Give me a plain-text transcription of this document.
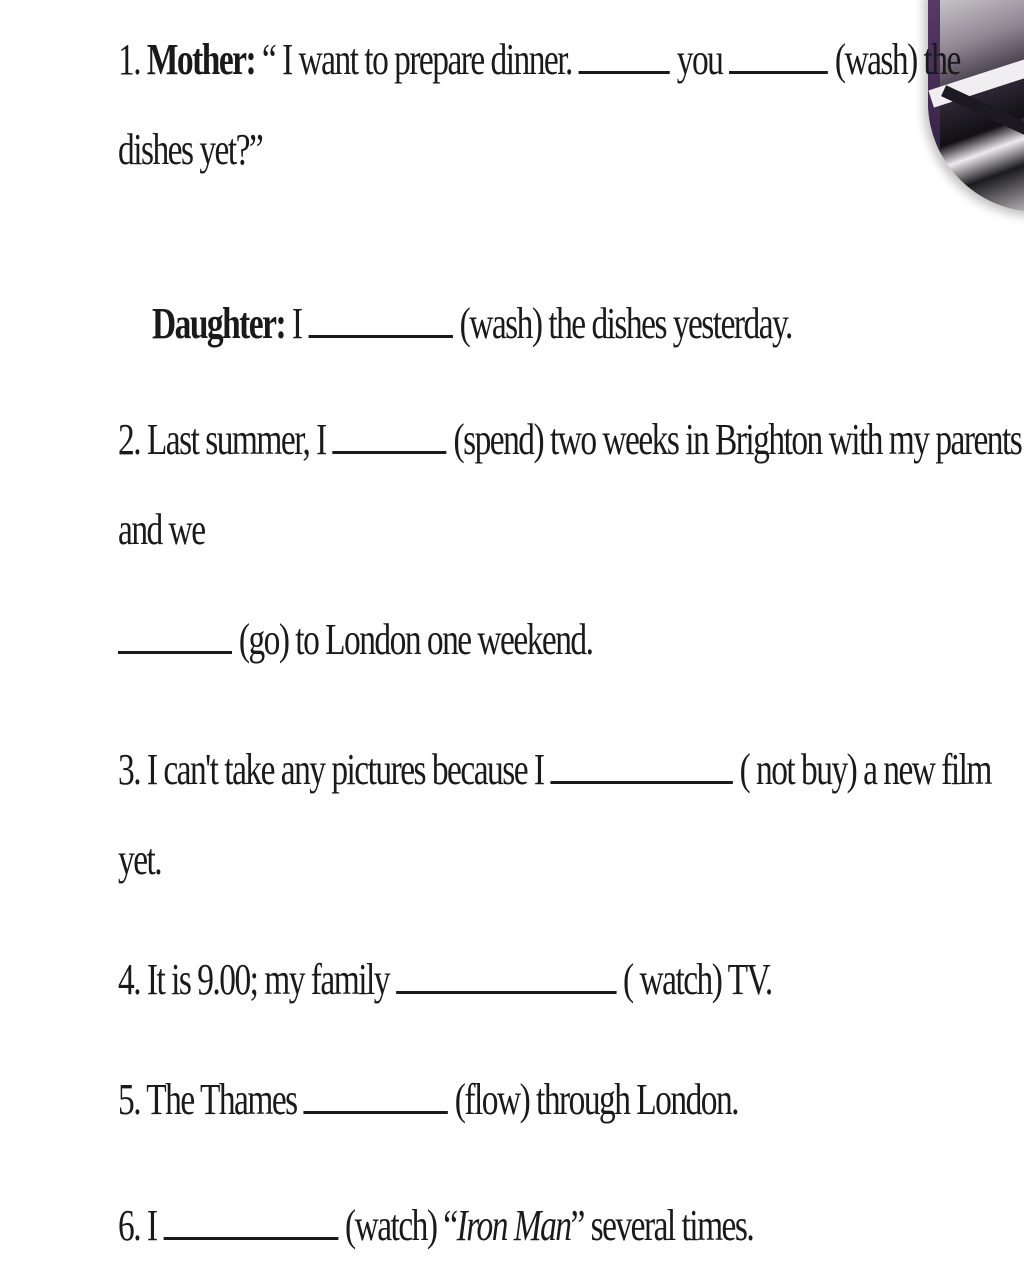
1. Mother: “ I want to prepare dinner.  you  (wash) the
dishes yet?”
Daughter: I	(wash) the dishes yesterday.
2. Last summer, I	(spend) two weeks in Brighton with my parents
and we
(go) to London one weekend.
3. I can't take any pictures because I	( not buy) a new film
yet.
4. It is 9.00; my family	( watch) TV.
5. The Thames	(flow) through London.
6. I	(watch) “Iron Man” several times.
